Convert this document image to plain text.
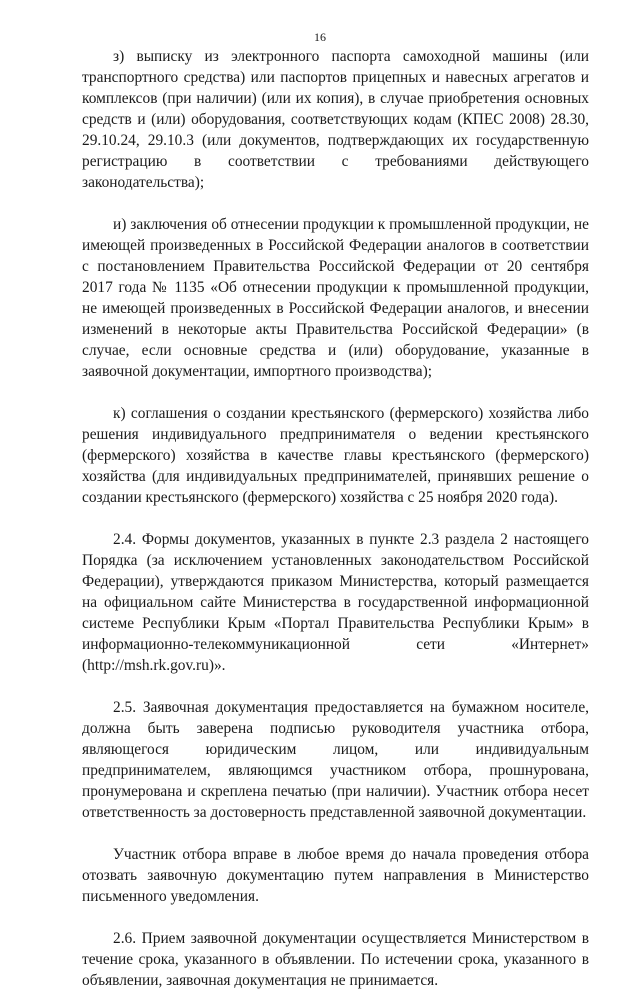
16

з) выписку из электронного паспорта самоходной машины (или транспортного средства) или паспортов прицепных и навесных агрегатов и комплексов (при наличии) (или их копия), в случае приобретения основных средств и (или) оборудования, соответствующих кодам (КПЕС 2008) 28.30, 29.10.24, 29.10.3 (или документов, подтверждающих их государственную регистрацию в соответствии с требованиями действующего законодательства);

и) заключения об отнесении продукции к промышленной продукции, не имеющей произведенных в Российской Федерации аналогов в соответствии с постановлением Правительства Российской Федерации от 20 сентября 2017 года № 1135 «Об отнесении продукции к промышленной продукции, не имеющей произведенных в Российской Федерации аналогов, и внесении изменений в некоторые акты Правительства Российской Федерации» (в случае, если основные средства и (или) оборудование, указанные в заявочной документации, импортного производства);

к) соглашения о создании крестьянского (фермерского) хозяйства либо решения индивидуального предпринимателя о ведении крестьянского (фермерского) хозяйства в качестве главы крестьянского (фермерского) хозяйства (для индивидуальных предпринимателей, принявших решение о создании крестьянского (фермерского) хозяйства с 25 ноября 2020 года).

2.4. Формы документов, указанных в пункте 2.3 раздела 2 настоящего Порядка (за исключением установленных законодательством Российской Федерации), утверждаются приказом Министерства, который размещается на официальном сайте Министерства в государственной информационной системе Республики Крым «Портал Правительства Республики Крым» в информационно-телекоммуникационной сети «Интернет» (http://msh.rk.gov.ru)».

2.5. Заявочная документация предоставляется на бумажном носителе, должна быть заверена подписью руководителя участника отбора, являющегося юридическим лицом, или индивидуальным предпринимателем, являющимся участником отбора, прошнурована, пронумерована и скреплена печатью (при наличии). Участник отбора несет ответственность за достоверность представленной заявочной документации.

Участник отбора вправе в любое время до начала проведения отбора отозвать заявочную документацию путем направления в Министерство письменного уведомления.

2.6. Прием заявочной документации осуществляется Министерством в течение срока, указанного в объявлении. По истечении срока, указанного в объявлении, заявочная документация не принимается.
